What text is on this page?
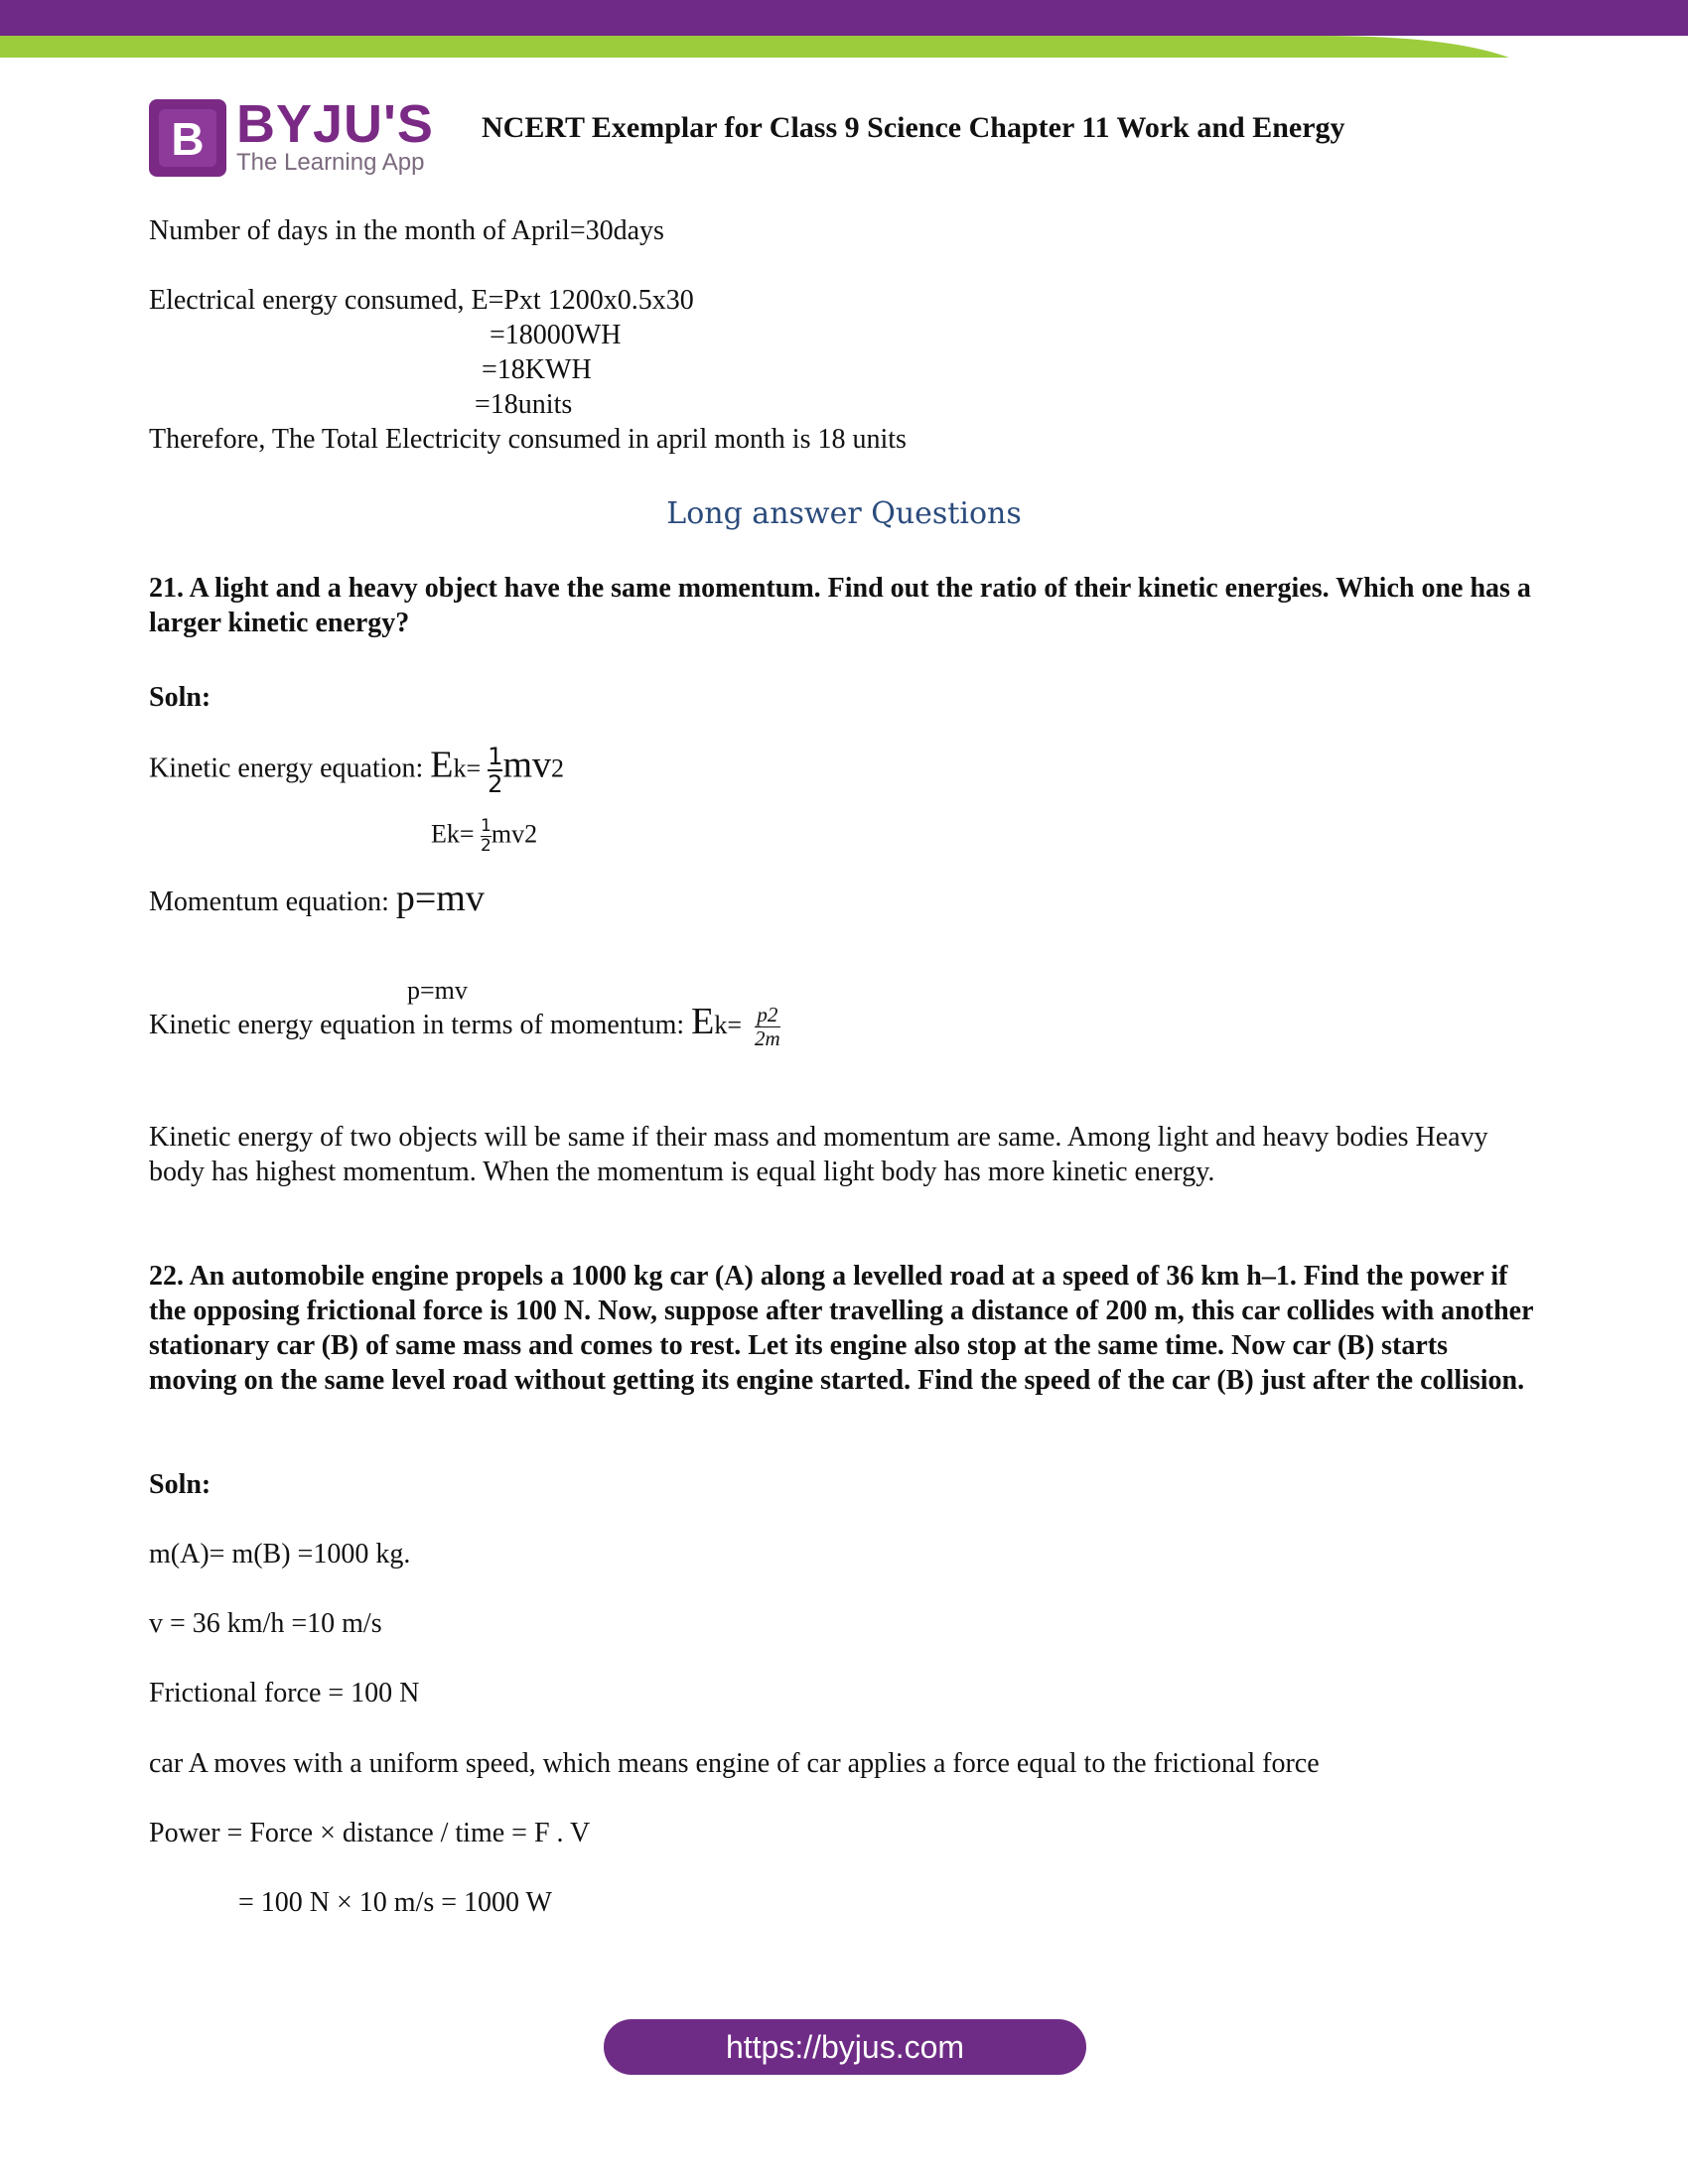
B BYJU'S
The Learning App
NCERT Exemplar for Class 9 Science Chapter 11 Work and Energy
Number of days in the month of April=30days
Electrical energy consumed, E=Pxt 1200x0.5x30
=18000WH
=18KWH
=18units
Therefore, The Total Electricity consumed in april month is 18 units
Long answer Questions
21. A light and a heavy object have the same momentum. Find out the ratio of their kinetic energies. Which one has a larger kinetic energy?
Soln:
Kinetic energy equation: $Ek= \frac{1}{2} mv2$
$Ek= \frac{1}{2} mv2$
Momentum equation: p=mv
p=mv
Kinetic energy equation in terms of momentum: $Ek= \frac{p2}{2m}$
Kinetic energy of two objects will be same if their mass and momentum are same. Among light and heavy bodies Heavy body has highest momentum. When the momentum is equal light body has more kinetic energy.
22. An automobile engine propels a 1000 kg car (A) along a levelled road at a speed of 36 km h–1. Find the power if the opposing frictional force is 100 N. Now, suppose after travelling a distance of 200 m, this car collides with another stationary car (B) of same mass and comes to rest. Let its engine also stop at the same time. Now car (B) starts moving on the same level road without getting its engine started. Find the speed of the car (B) just after the collision.
Soln:
m(A)= m(B) =1000 kg.
v = 36 km/h =10 m/s
Frictional force = 100 N
car A moves with a uniform speed, which means engine of car applies a force equal to the frictional force
Power = Force × distance / time = F . V
= 100 N × 10 m/s = 1000 W
https://byjus.com
